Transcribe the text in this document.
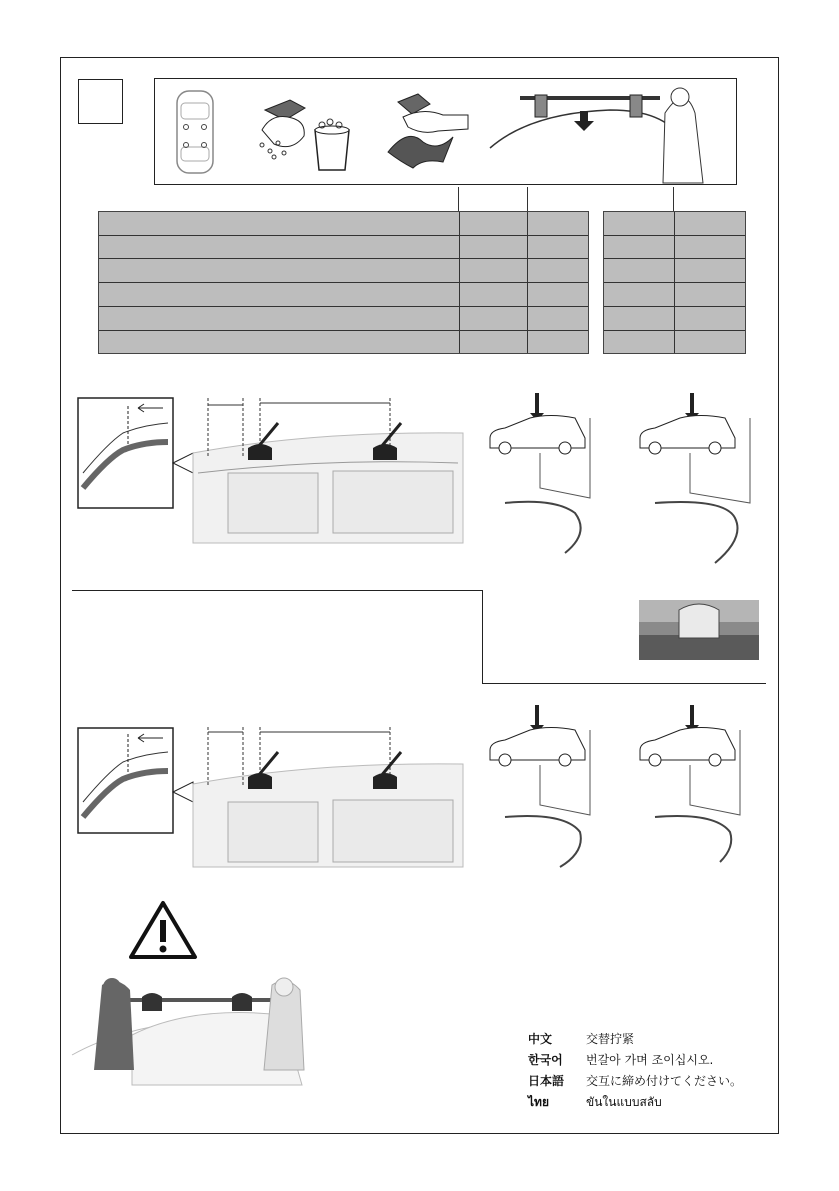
中文	交替拧紧
한국어 번갈아 가며 조이십시오.
日本語 交互に締め付けてください。
ไทย	ขันในแบบสลับ
